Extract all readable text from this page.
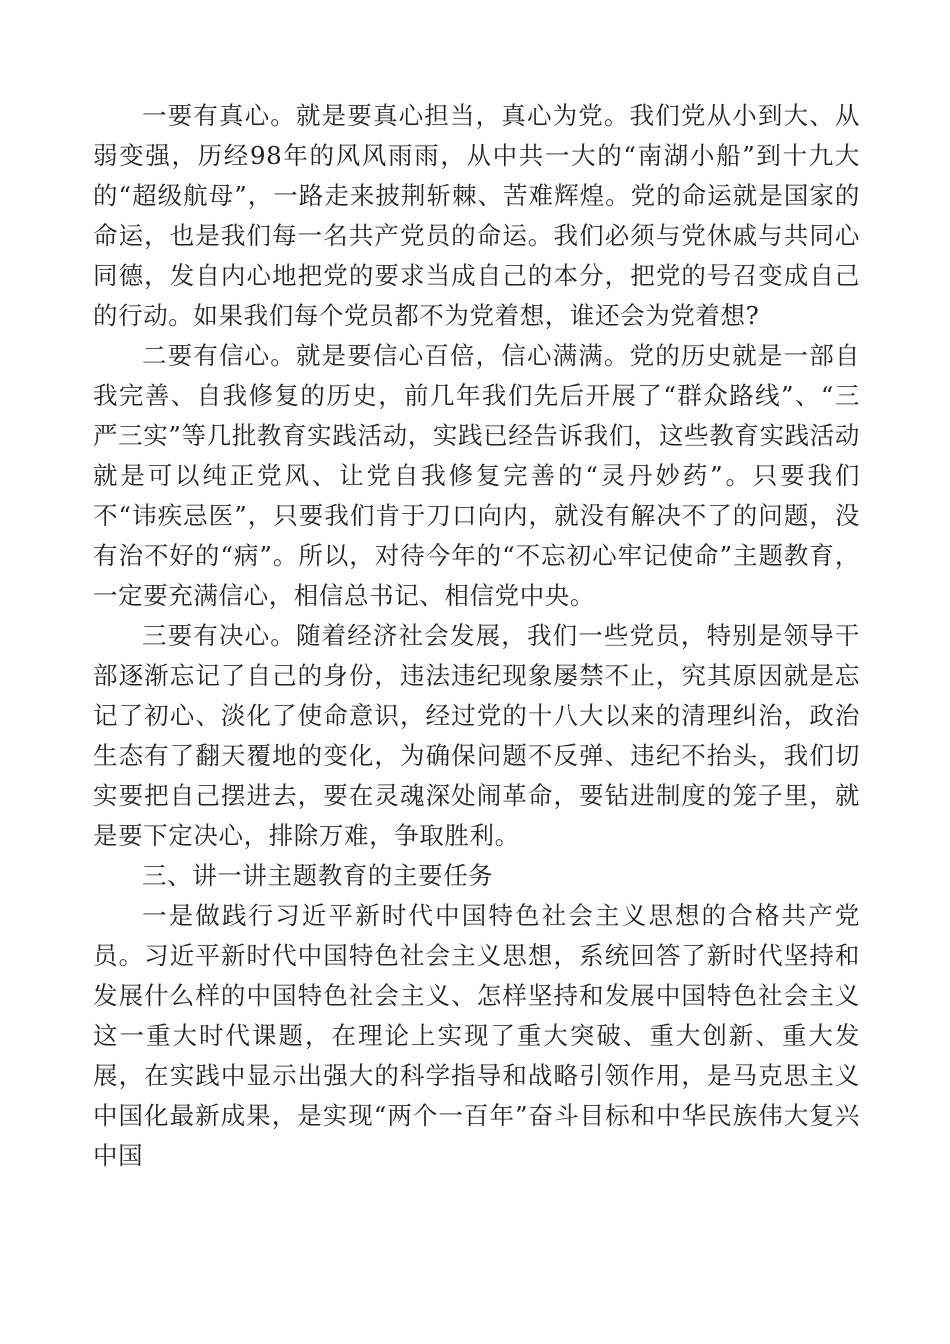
一要有真心。就是要真心担当，真心为党。我们党从小到大、从弱变强，历经98年的风风雨雨，从中共一大的“南湖小船”到十九大的“超级航母”，一路走来披荆斩棘、苦难辉煌。党的命运就是国家的命运，也是我们每一名共产党员的命运。我们必须与党休戚与共同心同德，发自内心地把党的要求当成自己的本分，把党的号召变成自己的行动。如果我们每个党员都不为党着想，谁还会为党着想?

二要有信心。就是要信心百倍，信心满满。党的历史就是一部自我完善、自我修复的历史，前几年我们先后开展了“群众路线”、“三严三实”等几批教育实践活动，实践已经告诉我们，这些教育实践活动就是可以纯正党风、让党自我修复完善的“灵丹妙药”。只要我们不“讳疾忌医”，只要我们肯于刀口向内，就没有解决不了的问题，没有治不好的“病”。所以，对待今年的“不忘初心牢记使命”主题教育，一定要充满信心，相信总书记、相信党中央。

三要有决心。随着经济社会发展，我们一些党员，特别是领导干部逐渐忘记了自己的身份，违法违纪现象屡禁不止，究其原因就是忘记了初心、淡化了使命意识，经过党的十八大以来的清理纠治，政治生态有了翻天覆地的变化，为确保问题不反弹、违纪不抬头，我们切实要把自己摆进去，要在灵魂深处闹革命，要钻进制度的笼子里，就是要下定决心，排除万难，争取胜利。

三、讲一讲主题教育的主要任务

一是做践行习近平新时代中国特色社会主义思想的合格共产党员。习近平新时代中国特色社会主义思想，系统回答了新时代坚持和发展什么样的中国特色社会主义、怎样坚持和发展中国特色社会主义这一重大时代课题，在理论上实现了重大突破、重大创新、重大发展，在实践中显示出强大的科学指导和战略引领作用，是马克思主义中国化最新成果，是实现“两个一百年”奋斗目标和中华民族伟大复兴中国
